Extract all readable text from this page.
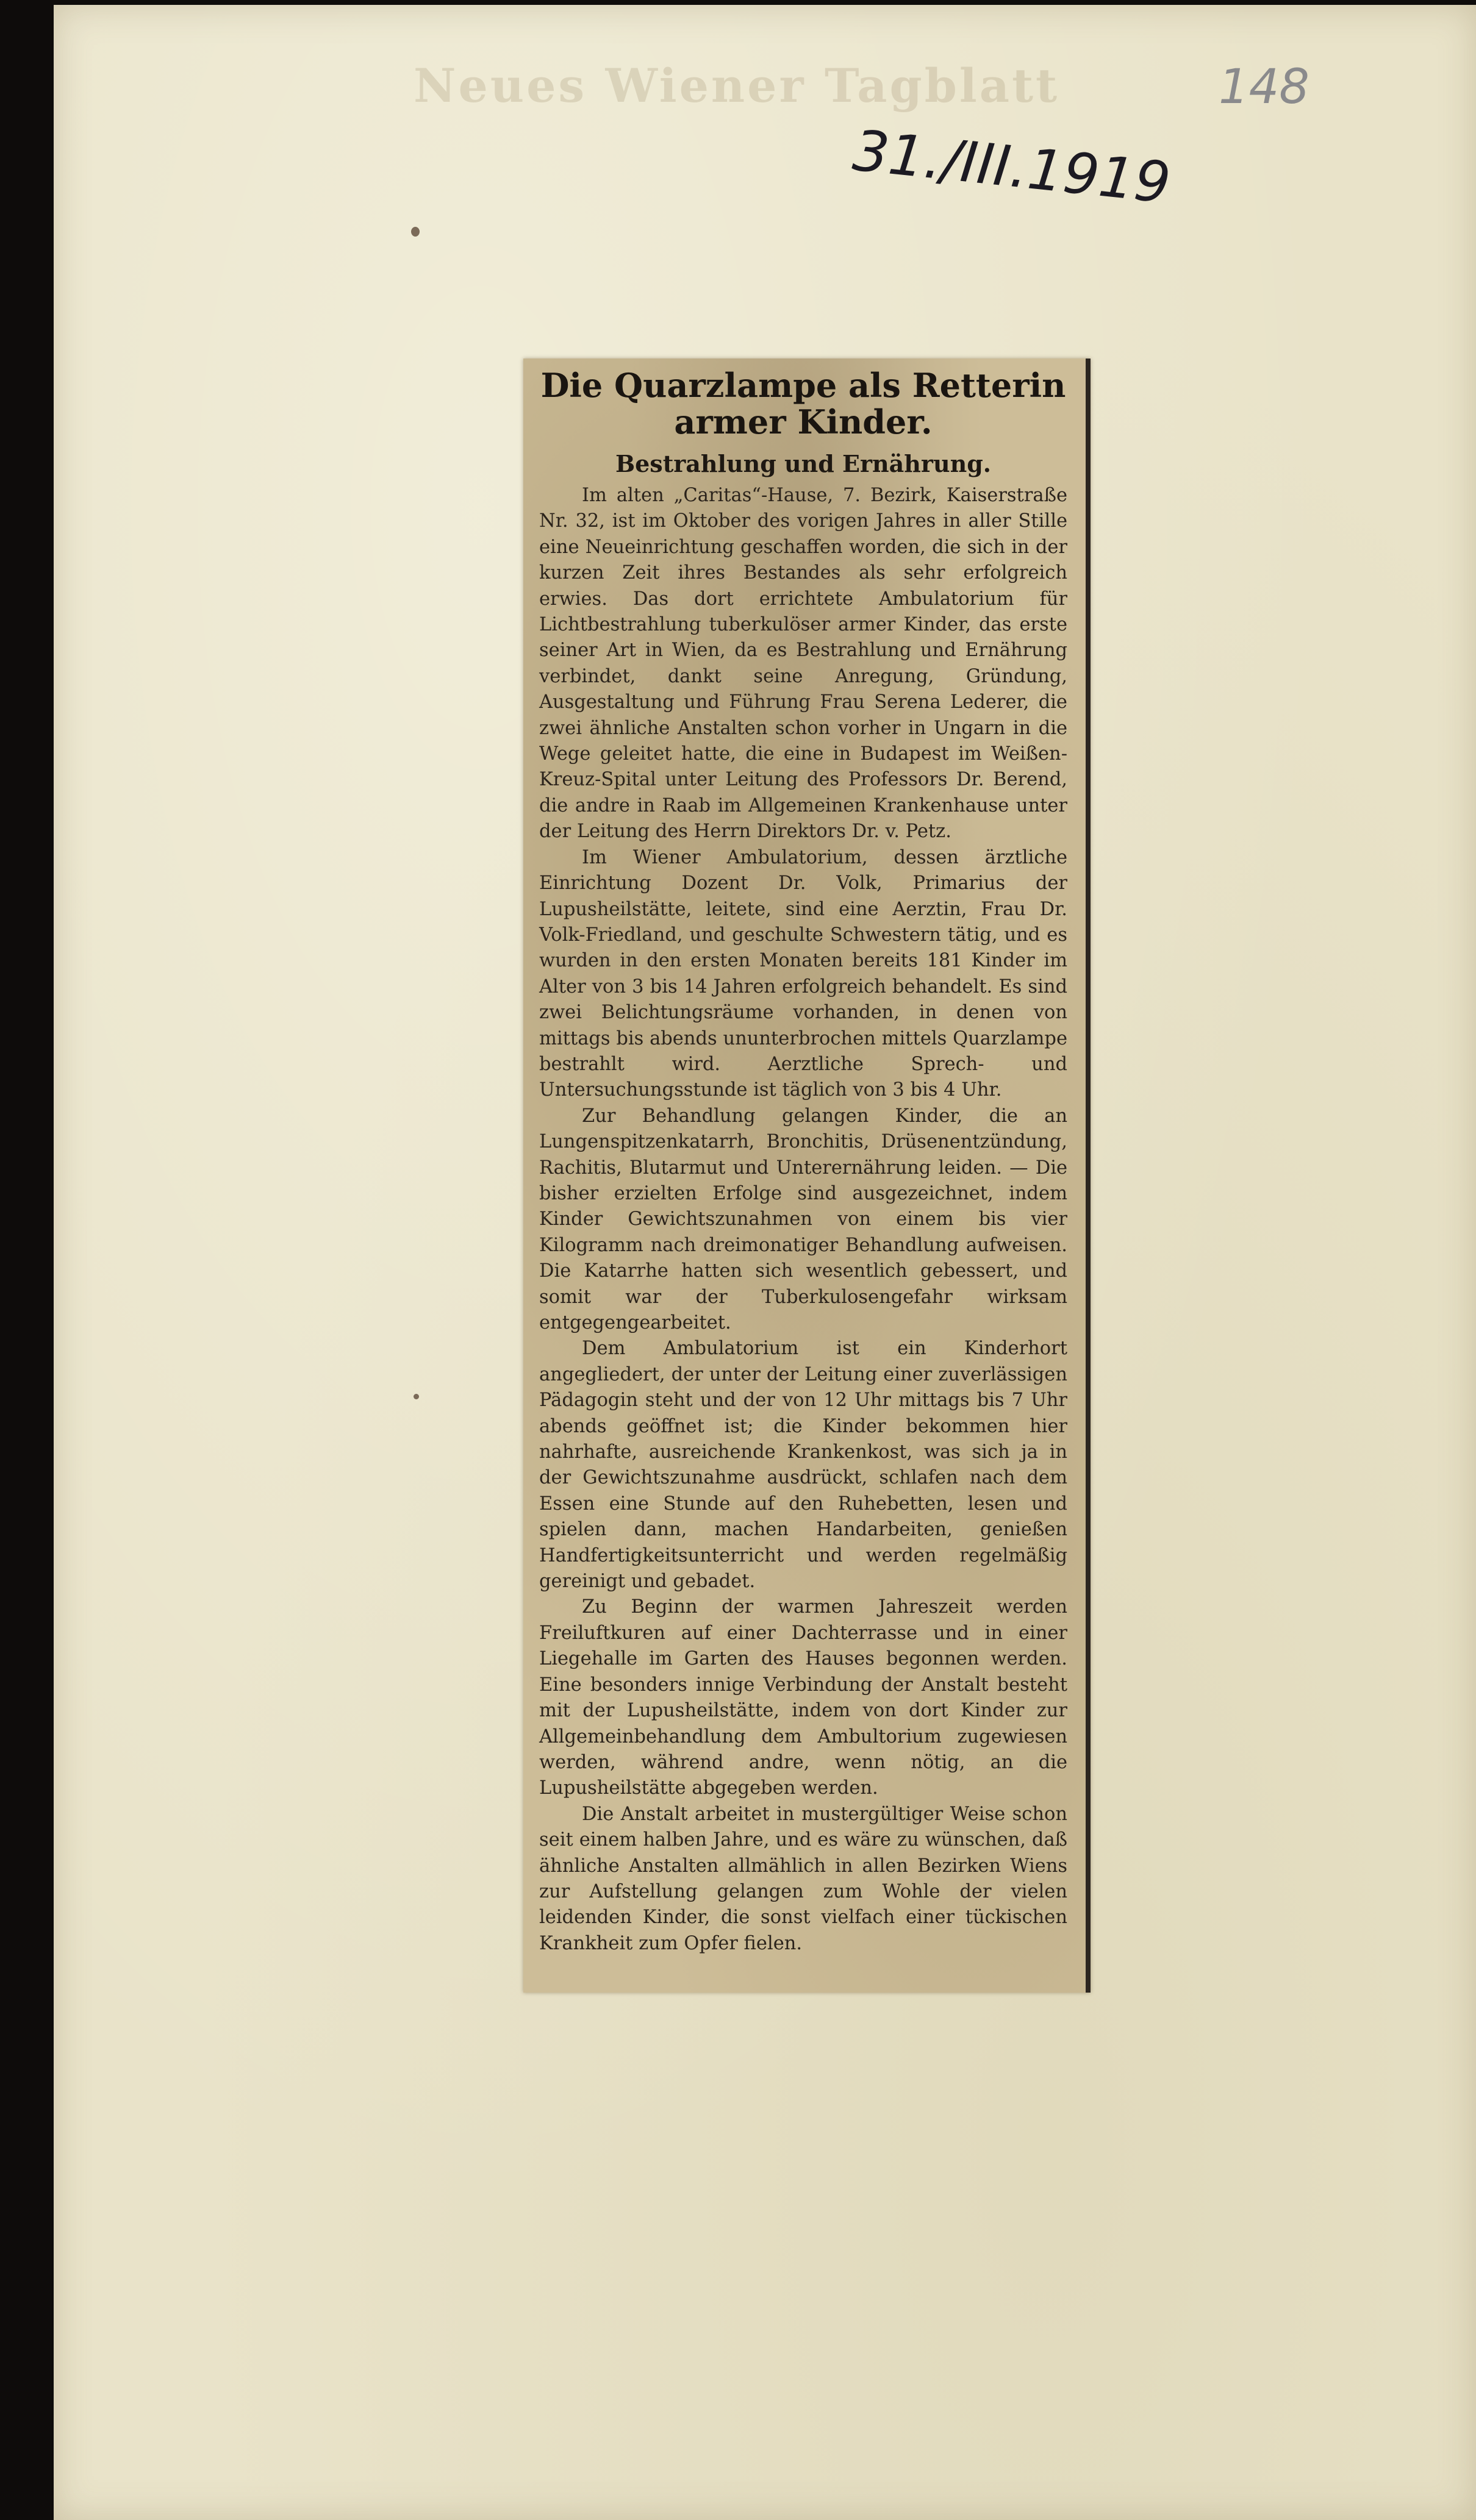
Neues Wiener Tagblatt	148
31./III.1919
Die Quarzlampe als Retterin armer Kinder.
Bestrahlung und Ernährung.

Im alten „Caritas“-Hause, 7. Bezirk, Kaiserstraße Nr. 32, ist im Oktober des vorigen Jahres in aller Stille eine Neueinrichtung geschaffen worden, die sich in der kurzen Zeit ihres Bestandes als sehr erfolgreich erwies. Das dort errichtete Ambulatorium für Lichtbestrahlung tuberkulöser armer Kinder, das erste seiner Art in Wien, da es Bestrahlung und Ernährung verbindet, dankt seine Anregung, Gründung, Ausgestaltung und Führung Frau Serena Lederer, die zwei ähnliche Anstalten schon vorher in Ungarn in die Wege geleitet hatte, die eine in Budapest im Weißen-Kreuz-Spital unter Leitung des Professors Dr. Berend, die andre in Raab im Allgemeinen Krankenhause unter der Leitung des Herrn Direktors Dr. v. Petz.

Im Wiener Ambulatorium, dessen ärztliche Einrichtung Dozent Dr. Volk, Primarius der Lupusheilstätte, leitete, sind eine Aerztin, Frau Dr. Volk-Friedland, und geschulte Schwestern tätig, und es wurden in den ersten Monaten bereits 181 Kinder im Alter von 3 bis 14 Jahren erfolgreich behandelt. Es sind zwei Belichtungsräume vorhanden, in denen von mittags bis abends ununterbrochen mittels Quarzlampe bestrahlt wird. Aerztliche Sprech- und Untersuchungsstunde ist täglich von 3 bis 4 Uhr.

Zur Behandlung gelangen Kinder, die an Lungenspitzenkatarrh, Bronchitis, Drüsenentzündung, Rachitis, Blutarmut und Unterernährung leiden. — Die bisher erzielten Erfolge sind ausgezeichnet, indem Kinder Gewichtszunahmen von einem bis vier Kilogramm nach dreimonatiger Behandlung aufweisen. Die Katarrhe hatten sich wesentlich gebessert, und somit war der Tuberkulosengefahr wirksam entgegengearbeitet.

Dem Ambulatorium ist ein Kinderhort angegliedert, der unter der Leitung einer zuverlässigen Pädagogin steht und der von 12 Uhr mittags bis 7 Uhr abends geöffnet ist; die Kinder bekommen hier nahrhafte, ausreichende Krankenkost, was sich ja in der Gewichtszunahme ausdrückt, schlafen nach dem Essen eine Stunde auf den Ruhebetten, lesen und spielen dann, machen Handarbeiten, genießen Handfertigkeitsunterricht und werden regelmäßig gereinigt und gebadet.

Zu Beginn der warmen Jahreszeit werden Freiluftkuren auf einer Dachterrasse und in einer Liegehalle im Garten des Hauses begonnen werden. Eine besonders innige Verbindung der Anstalt besteht mit der Lupusheilstätte, indem von dort Kinder zur Allgemeinbehandlung dem Ambultorium zugewiesen werden, während andre, wenn nötig, an die Lupusheilstätte abgegeben werden.

Die Anstalt arbeitet in mustergültiger Weise schon seit einem halben Jahre, und es wäre zu wünschen, daß ähnliche Anstalten allmählich in allen Bezirken Wiens zur Aufstellung gelangen zum Wohle der vielen leidenden Kinder, die sonst vielfach einer tückischen Krankheit zum Opfer fielen.
